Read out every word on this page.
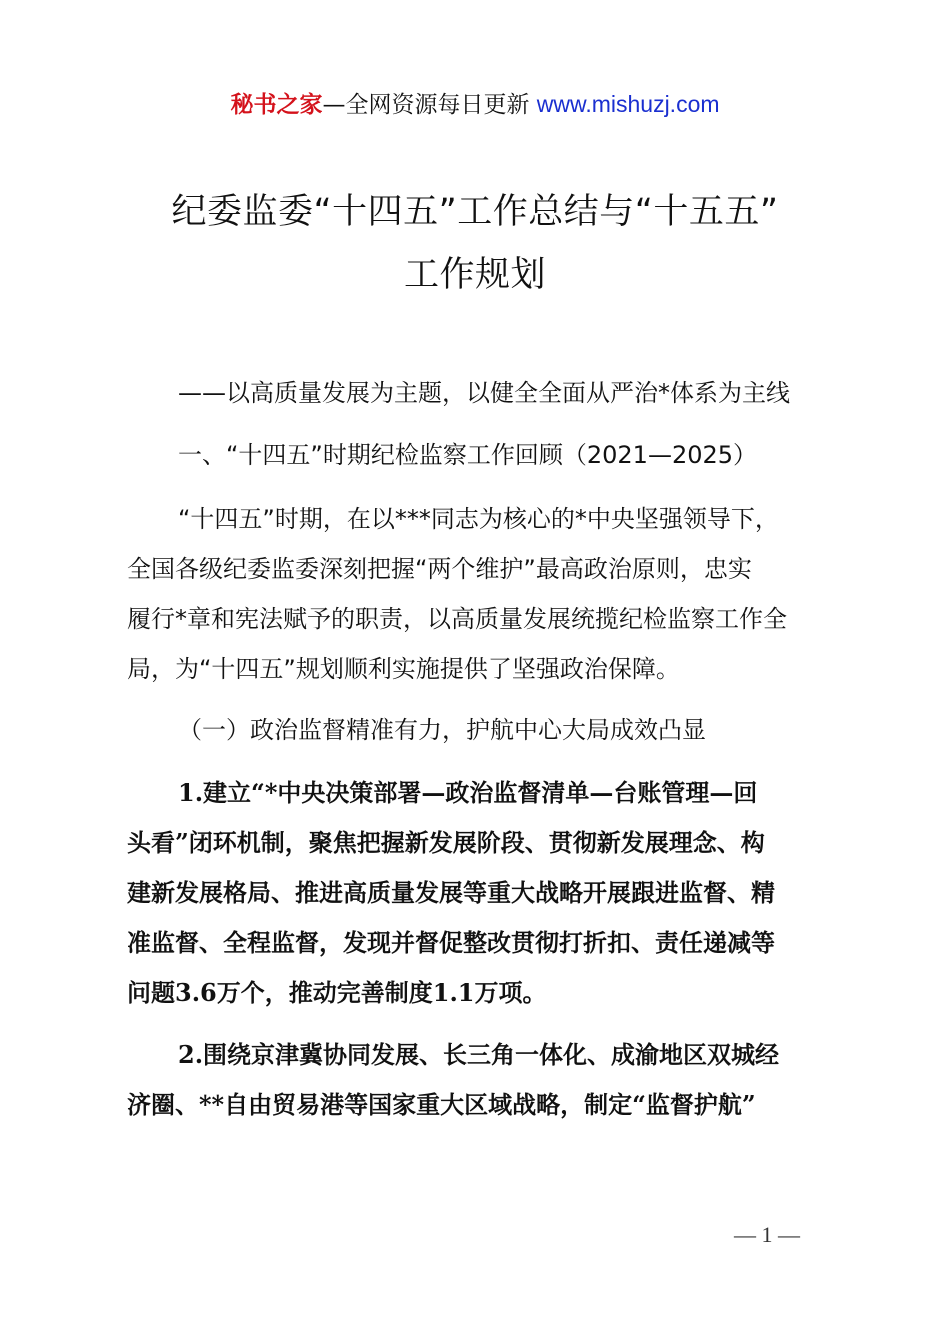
秘书之家—全网资源每日更新 www.mishuzj.com
纪委监委“十四五”工作总结与“十五五”
工作规划
——以高质量发展为主题，以健全全面从严治*体系为主线
一、“十四五”时期纪检监察工作回顾（2021—2025）
“十四五”时期，在以***同志为核心的*中央坚强领导下，
全国各级纪委监委深刻把握“两个维护”最高政治原则，忠实
履行*章和宪法赋予的职责，以高质量发展统揽纪检监察工作全
局，为“十四五”规划顺利实施提供了坚强政治保障。
（一）政治监督精准有力，护航中心大局成效凸显
1.建立“*中央决策部署—政治监督清单—台账管理—回
头看”闭环机制，聚焦把握新发展阶段、贯彻新发展理念、构
建新发展格局、推进高质量发展等重大战略开展跟进监督、精
准监督、全程监督，发现并督促整改贯彻打折扣、责任递减等
问题3.6万个，推动完善制度1.1万项。
2.围绕京津冀协同发展、长三角一体化、成渝地区双城经
济圈、**自由贸易港等国家重大区域战略，制定“监督护航”
— 1 —
